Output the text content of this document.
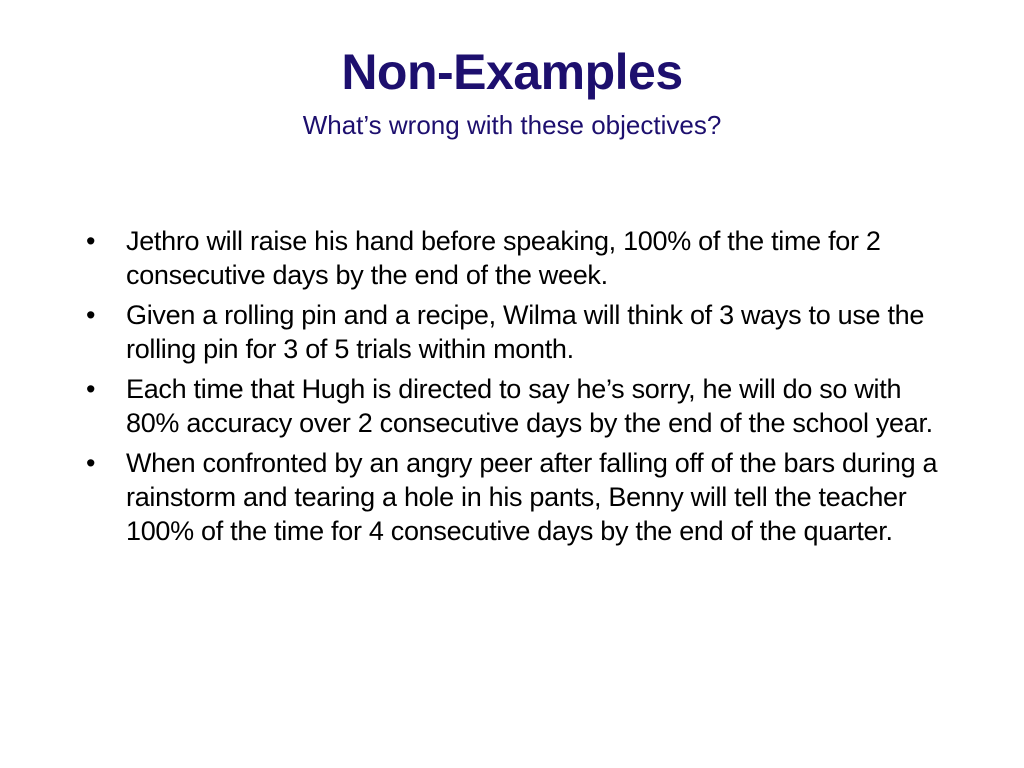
Non-Examples
What’s wrong with these objectives?
• Jethro will raise his hand before speaking, 100% of the time for 2 consecutive days by the end of the week.
• Given a rolling pin and a recipe, Wilma will think of 3 ways to use the rolling pin for 3 of 5 trials within month.
• Each time that Hugh is directed to say he’s sorry, he will do so with 80% accuracy over 2 consecutive days by the end of the school year.
• When confronted by an angry peer after falling off of the bars during a rainstorm and tearing a hole in his pants, Benny will tell the teacher 100% of the time for 4 consecutive days by the end of the quarter.
